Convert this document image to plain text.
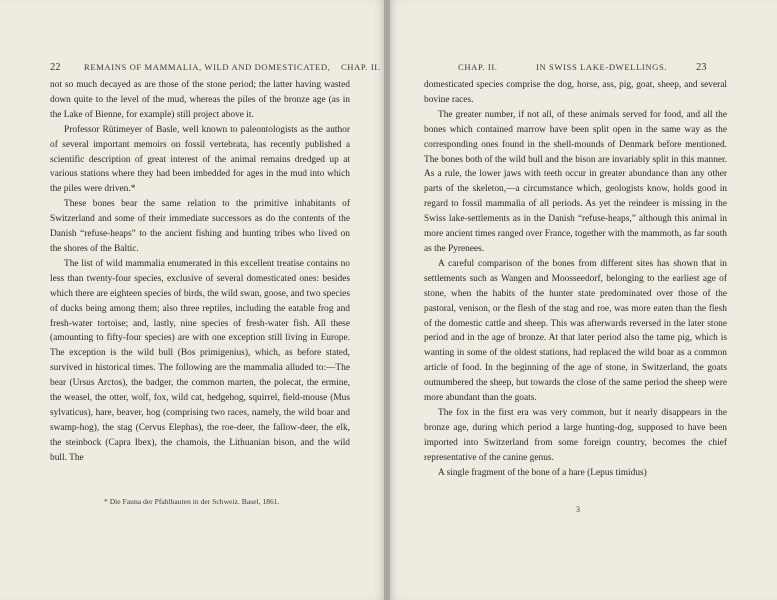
22	REMAINS OF MAMMALIA, WILD AND DOMESTICATED, CHAP. II.

not so much decayed as are those of the stone period; the latter having wasted down quite to the level of the mud, whereas the piles of the bronze age (as in the Lake of Bienne, for example) still project above it.

Professor Rütimeyer of Basle, well known to paleontologists as the author of several important memoirs on fossil vertebrata, has recently published a scientific description of great interest of the animal remains dredged up at various stations where they had been imbedded for ages in the mud into which the piles were driven.*

These bones bear the same relation to the primitive inhabitants of Switzerland and some of their immediate successors as do the contents of the Danish “refuse-heaps” to the ancient fishing and hunting tribes who lived on the shores of the Baltic.

The list of wild mammalia enumerated in this excellent treatise contains no less than twenty-four species, exclusive of several domesticated ones: besides which there are eighteen species of birds, the wild swan, goose, and two species of ducks being among them; also three reptiles, including the eatable frog and fresh-water tortoise; and, lastly, nine species of fresh-water fish. All these (amounting to fifty-four species) are with one exception still living in Europe. The exception is the wild bull (Bos primigenius), which, as before stated, survived in historical times. The following are the mammalia alluded to:—The bear (Ursus Arctos), the badger, the common marten, the polecat, the ermine, the weasel, the otter, wolf, fox, wild cat, hedgehog, squirrel, field-mouse (Mus sylvaticus), hare, beaver, hog (comprising two races, namely, the wild boar and swamp-hog), the stag (Cervus Elephas), the roe-deer, the fallow-deer, the elk, the steinbock (Capra Ibex), the chamois, the Lithuanian bison, and the wild bull. The

* Die Fauna der Pfahlbauten in der Schweiz. Basel, 1861.
CHAP. II.	IN SWISS LAKE-DWELLINGS.	23

domesticated species comprise the dog, horse, ass, pig, goat, sheep, and several bovine races.

The greater number, if not all, of these animals served for food, and all the bones which contained marrow have been split open in the same way as the corresponding ones found in the shell-mounds of Denmark before mentioned. The bones both of the wild bull and the bison are invariably split in this manner. As a rule, the lower jaws with teeth occur in greater abundance than any other parts of the skeleton,—a circumstance which, geologists know, holds good in regard to fossil mammalia of all periods. As yet the reindeer is missing in the Swiss lake-settlements as in the Danish “refuse-heaps,” although this animal in more ancient times ranged over France, together with the mammoth, as far south as the Pyrenees.

A careful comparison of the bones from different sites has shown that in settlements such as Wangen and Moosseedorf, belonging to the earliest age of stone, when the habits of the hunter state predominated over those of the pastoral, venison, or the flesh of the stag and roe, was more eaten than the flesh of the domestic cattle and sheep. This was afterwards reversed in the later stone period and in the age of bronze. At that later period also the tame pig, which is wanting in some of the oldest stations, had replaced the wild boar as a common article of food. In the beginning of the age of stone, in Switzerland, the goats outnumbered the sheep, but towards the close of the same period the sheep were more abundant than the goats.

The fox in the first era was very common, but it nearly disappears in the bronze age, during which period a large hunting-dog, supposed to have been imported into Switzerland from some foreign country, becomes the chief representative of the canine genus.

A single fragment of the bone of a hare (Lepus timidus)

3
